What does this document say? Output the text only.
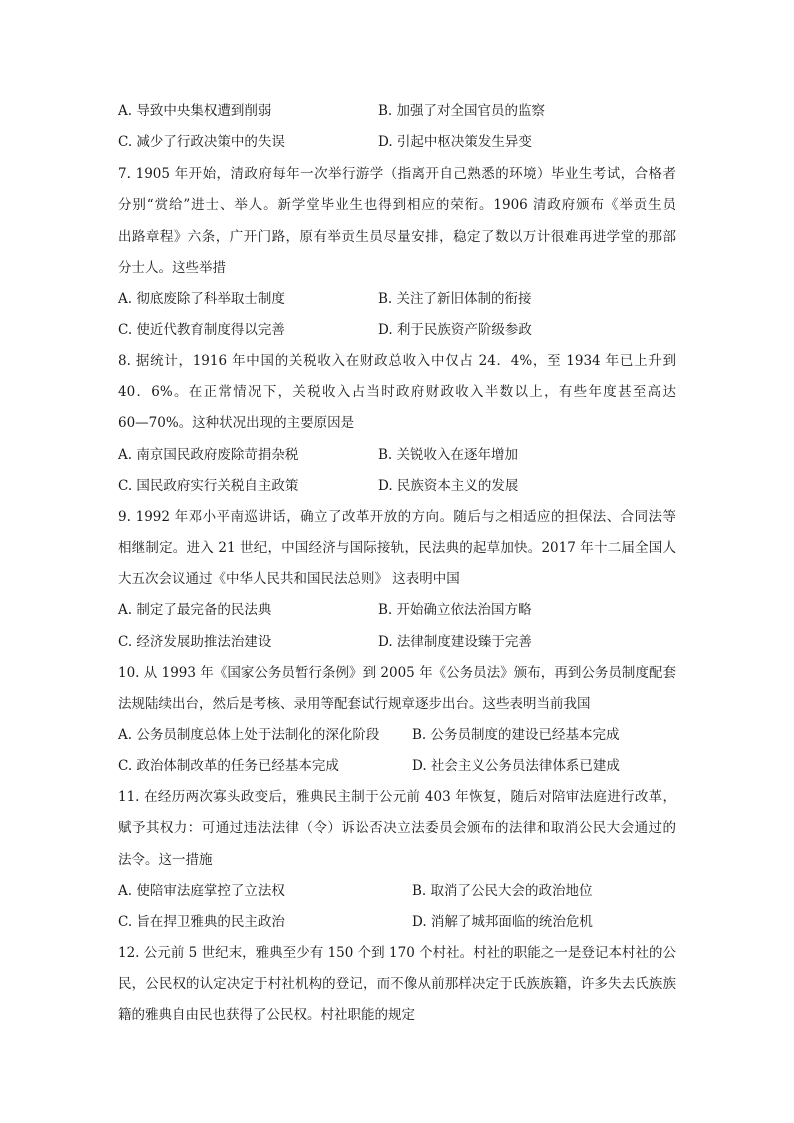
A. 导致中央集权遭到削弱	B. 加强了对全国官员的监察
C. 减少了行政决策中的失误	D. 引起中枢决策发生异变
7. 1905 年开始，清政府每年一次举行游学（指离开自己熟悉的环境）毕业生考试，合格者
分别“赏给”进士、举人。新学堂毕业生也得到相应的荣衔。1906 清政府颁布《举贡生员
出路章程》六条，广开门路，原有举贡生员尽量安排，稳定了数以万计很难再进学堂的那部
分士人。这些举措
A. 彻底废除了科举取士制度	B. 关注了新旧体制的衔接
C. 使近代教育制度得以完善	D. 利于民族资产阶级参政
8. 据统计，1916 年中国的关税收入在财政总收入中仅占 24．4%，至 1934 年已上升到
40．6%。在正常情况下，关税收入占当时政府财政收入半数以上，有些年度甚至高达
60—70%。这种状况出现的主要原因是
A. 南京国民政府废除苛捐杂税	B. 关锐收入在逐年增加
C. 国民政府实行关税自主政策	D. 民族资本主义的发展
9. 1992 年邓小平南巡讲话，确立了改革开放的方向。随后与之相适应的担保法、合同法等
相继制定。进入 21 世纪，中国经济与国际接轨，民法典的起草加快。2017 年十二届全国人
大五次会议通过《中华人民共和国民法总则》 这表明中国
A. 制定了最完备的民法典	B. 开始确立依法治国方略
C. 经济发展助推法治建设	D. 法律制度建设臻于完善
10. 从 1993 年《国家公务员暂行条例》到 2005 年《公务员法》颁布，再到公务员制度配套
法规陆续出台，然后是考核、录用等配套试行规章逐步出台。这些表明当前我国
A. 公务员制度总体上处于法制化的深化阶段 B. 公务员制度的建设已经基本完成
C. 政治体制改革的任务已经基本完成	D. 社会主义公务员法律体系已建成
11. 在经历两次寡头政变后，雅典民主制于公元前 403 年恢复，随后对陪审法庭进行改革，
赋予其权力：可通过违法法律（令）诉讼否决立法委员会颁布的法律和取消公民大会通过的
法令。这一措施
A. 使陪审法庭掌控了立法权	B. 取消了公民大会的政治地位
C. 旨在捍卫雅典的民主政治	D. 消解了城邦面临的统治危机
12. 公元前 5 世纪末，雅典至少有 150 个到 170 个村社。村社的职能之一是登记本村社的公
民，公民权的认定决定于村社机构的登记，而不像从前那样决定于氏族族籍，许多失去氏族族
籍的雅典自由民也获得了公民权。村社职能的规定
